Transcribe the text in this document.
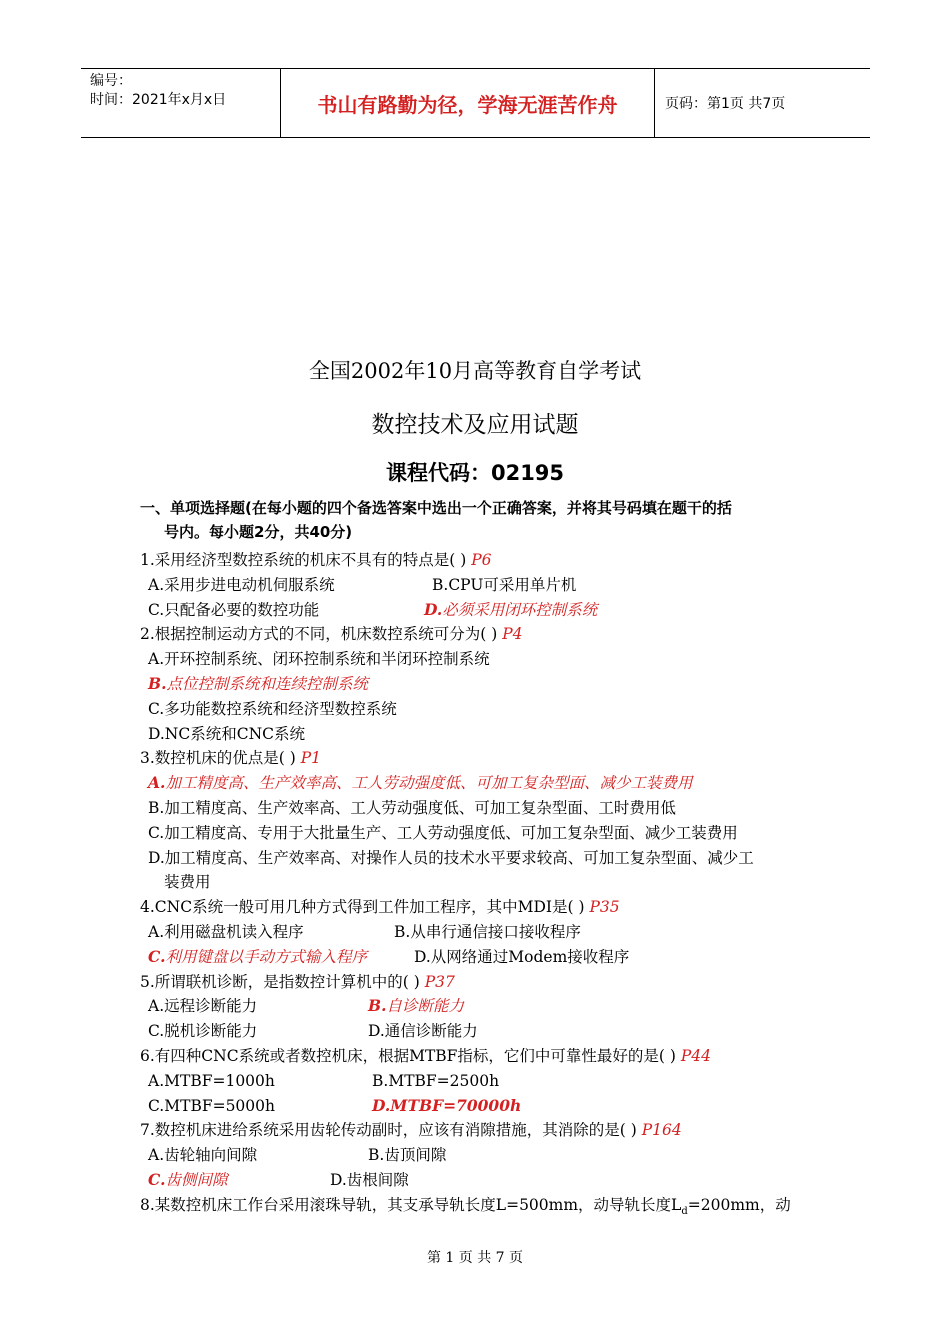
编号：
时间：2021年x月x日	书山有路勤为径，学海无涯苦作舟	页码：第1页 共7页
全国2002年10月高等教育自学考试
数控技术及应用试题
课程代码：02195
一、单项选择题(在每小题的四个备选答案中选出一个正确答案，并将其号码填在题干的括
号内。每小题2分，共40分)
1.采用经济型数控系统的机床不具有的特点是( ) P6
A.采用步进电动机伺服系统	B.CPU可采用单片机
C.只配备必要的数控功能	D.必须采用闭环控制系统
2.根据控制运动方式的不同，机床数控系统可分为( ) P4
A.开环控制系统、闭环控制系统和半闭环控制系统
B.点位控制系统和连续控制系统
C.多功能数控系统和经济型数控系统
D.NC系统和CNC系统
3.数控机床的优点是( ) P1
A.加工精度高、生产效率高、工人劳动强度低、可加工复杂型面、减少工装费用
B.加工精度高、生产效率高、工人劳动强度低、可加工复杂型面、工时费用低
C.加工精度高、专用于大批量生产、工人劳动强度低、可加工复杂型面、减少工装费用
D.加工精度高、生产效率高、对操作人员的技术水平要求较高、可加工复杂型面、减少工
装费用
4.CNC系统一般可用几种方式得到工件加工程序，其中MDI是( ) P35
A.利用磁盘机读入程序	B.从串行通信接口接收程序
C.利用键盘以手动方式输入程序	D.从网络通过Modem接收程序
5.所谓联机诊断，是指数控计算机中的( ) P37
A.远程诊断能力	B.自诊断能力
C.脱机诊断能力	D.通信诊断能力
6.有四种CNC系统或者数控机床，根据MTBF指标，它们中可靠性最好的是( ) P44
A.MTBF=1000h	B.MTBF=2500h
C.MTBF=5000h	D.MTBF=70000h
7.数控机床进给系统采用齿轮传动副时，应该有消隙措施，其消除的是( ) P164
A.齿轮轴向间隙	B.齿顶间隙
C.齿侧间隙	D.齿根间隙
8.某数控机床工作台采用滚珠导轨，其支承导轨长度L=500mm，动导轨长度$L_d=200mm$，动
第 1 页 共 7 页
